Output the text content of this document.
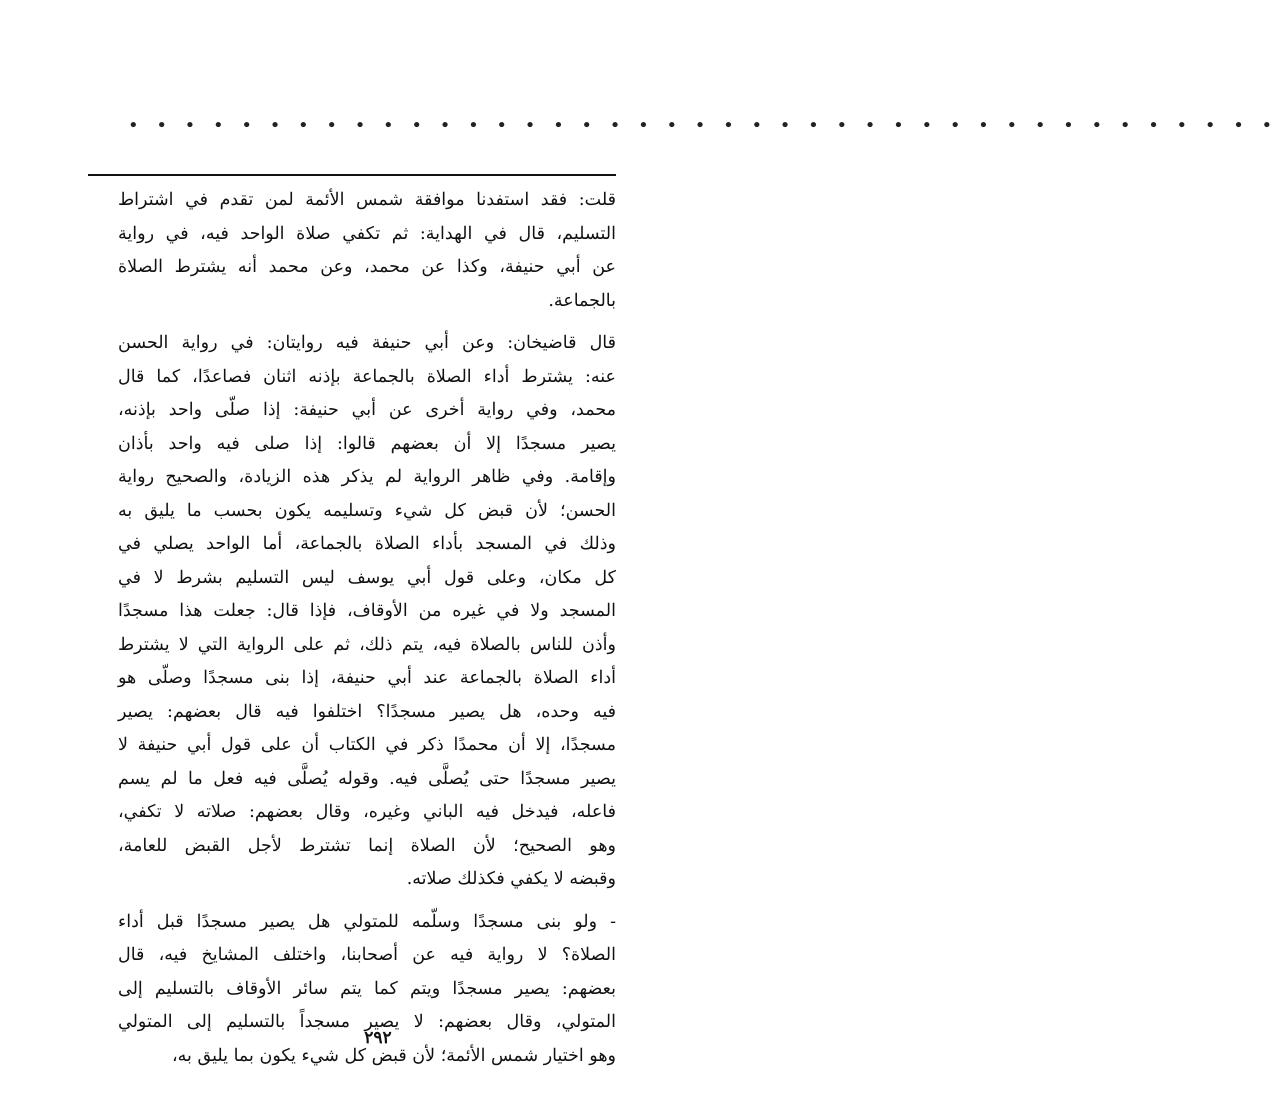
• • • • • • • • • • • • • • • • • • • • • • • • • • • • • • • • • • • • • • • • •
قلت: فقد استفدنا موافقة شمس الأئمة لمن تقدم في اشتراط
التسليم، قال في الهداية: ثم تكفي صلاة الواحد فيه، في رواية
عن أبي حنيفة، وكذا عن محمد، وعن محمد أنه يشترط الصلاة
بالجماعة.
قال قاضيخان: وعن أبي حنيفة فيه روايتان: في رواية الحسن
عنه: يشترط أداء الصلاة بالجماعة بإذنه اثنان فصاعدًا، كما قال
محمد، وفي رواية أخرى عن أبي حنيفة: إذا صلّى واحد بإذنه،
يصير مسجدًا إلا أن بعضهم قالوا: إذا صلى فيه واحد بأذان
وإقامة. وفي ظاهر الرواية لم يذكر هذه الزيادة، والصحيح رواية
الحسن؛ لأن قبض كل شيء وتسليمه يكون بحسب ما يليق به
وذلك في المسجد بأداء الصلاة بالجماعة، أما الواحد يصلي في
كل مكان، وعلى قول أبي يوسف ليس التسليم بشرط لا في
المسجد ولا في غيره من الأوقاف، فإذا قال: جعلت هذا مسجدًا
وأذن للناس بالصلاة فيه، يتم ذلك، ثم على الرواية التي لا يشترط
أداء الصلاة بالجماعة عند أبي حنيفة، إذا بنى مسجدًا وصلّى هو
فيه وحده، هل يصير مسجدًا؟ اختلفوا فيه قال بعضهم: يصير
مسجدًا، إلا أن محمدًا ذكر في الكتاب أن على قول أبي حنيفة لا
يصير مسجدًا حتى يُصلَّى فيه. وقوله يُصلَّى فيه فعل ما لم يسم
فاعله، فيدخل فيه الباني وغيره، وقال بعضهم: صلاته لا تكفي،
وهو الصحيح؛ لأن الصلاة إنما تشترط لأجل القبض للعامة،
وقبضه لا يكفي فكذلك صلاته.
- ولو بنى مسجدًا وسلّمه للمتولي هل يصير مسجدًا قبل أداء
الصلاة؟ لا رواية فيه عن أصحابنا، واختلف المشايخ فيه، قال
بعضهم: يصير مسجدًا ويتم كما يتم سائر الأوقاف بالتسليم إلى
المتولي، وقال بعضهم: لا يصير مسجداً بالتسليم إلى المتولي
وهو اختيار شمس الأئمة؛ لأن قبض كل شيء يكون بما يليق به،
٢٩٢
